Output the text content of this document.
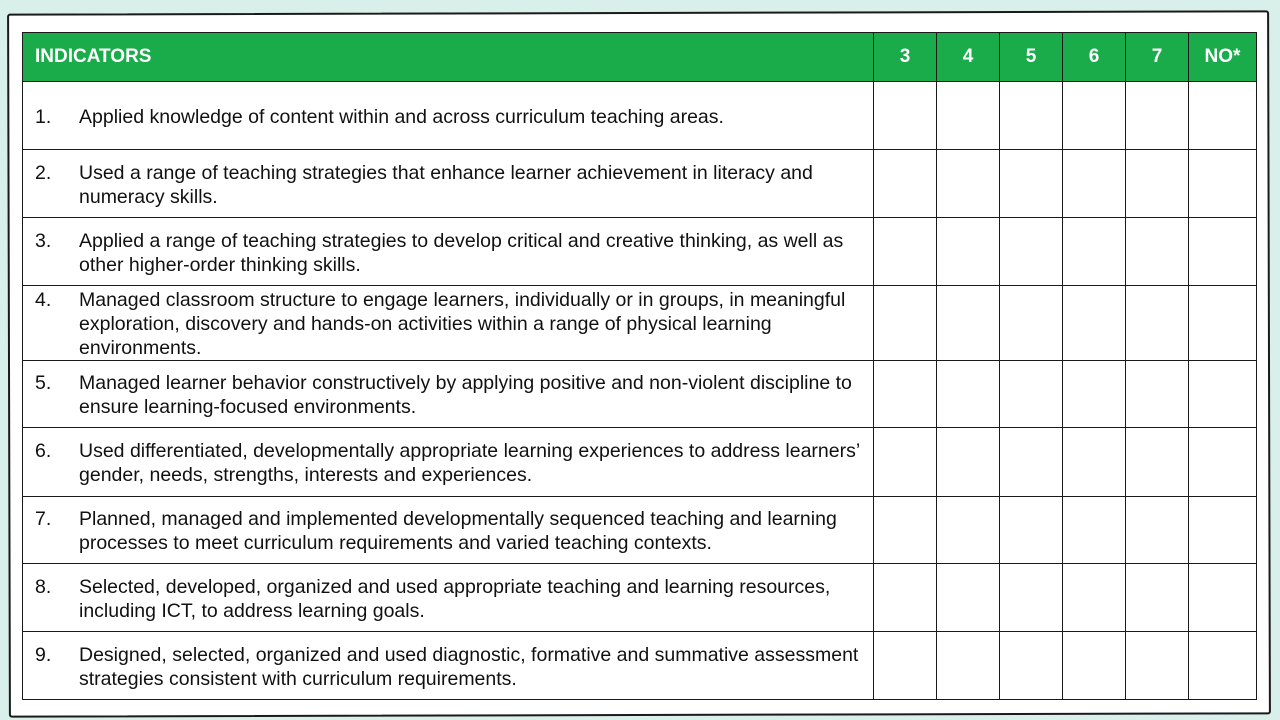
INDICATORS	3	4	5	6	7	NO*

1. Applied knowledge of content within and across curriculum teaching areas.						

2. Used a range of teaching strategies that enhance learner achievement in literacy and numeracy skills.						

3. Applied a range of teaching strategies to develop critical and creative thinking, as well as other higher-order thinking skills.						

4. Managed classroom structure to engage learners, individually or in groups, in meaningful exploration, discovery and hands-on activities within a range of physical learning environments.						

5. Managed learner behavior constructively by applying positive and non-violent discipline to ensure learning-focused environments.						

6. Used differentiated, developmentally appropriate learning experiences to address learners’ gender, needs, strengths, interests and experiences.						

7. Planned, managed and implemented developmentally sequenced teaching and learning processes to meet curriculum requirements and varied teaching contexts.						

8. Selected, developed, organized and used appropriate teaching and learning resources, including ICT, to address learning goals.						

9. Designed, selected, organized and used diagnostic, formative and summative assessment strategies consistent with curriculum requirements.						
